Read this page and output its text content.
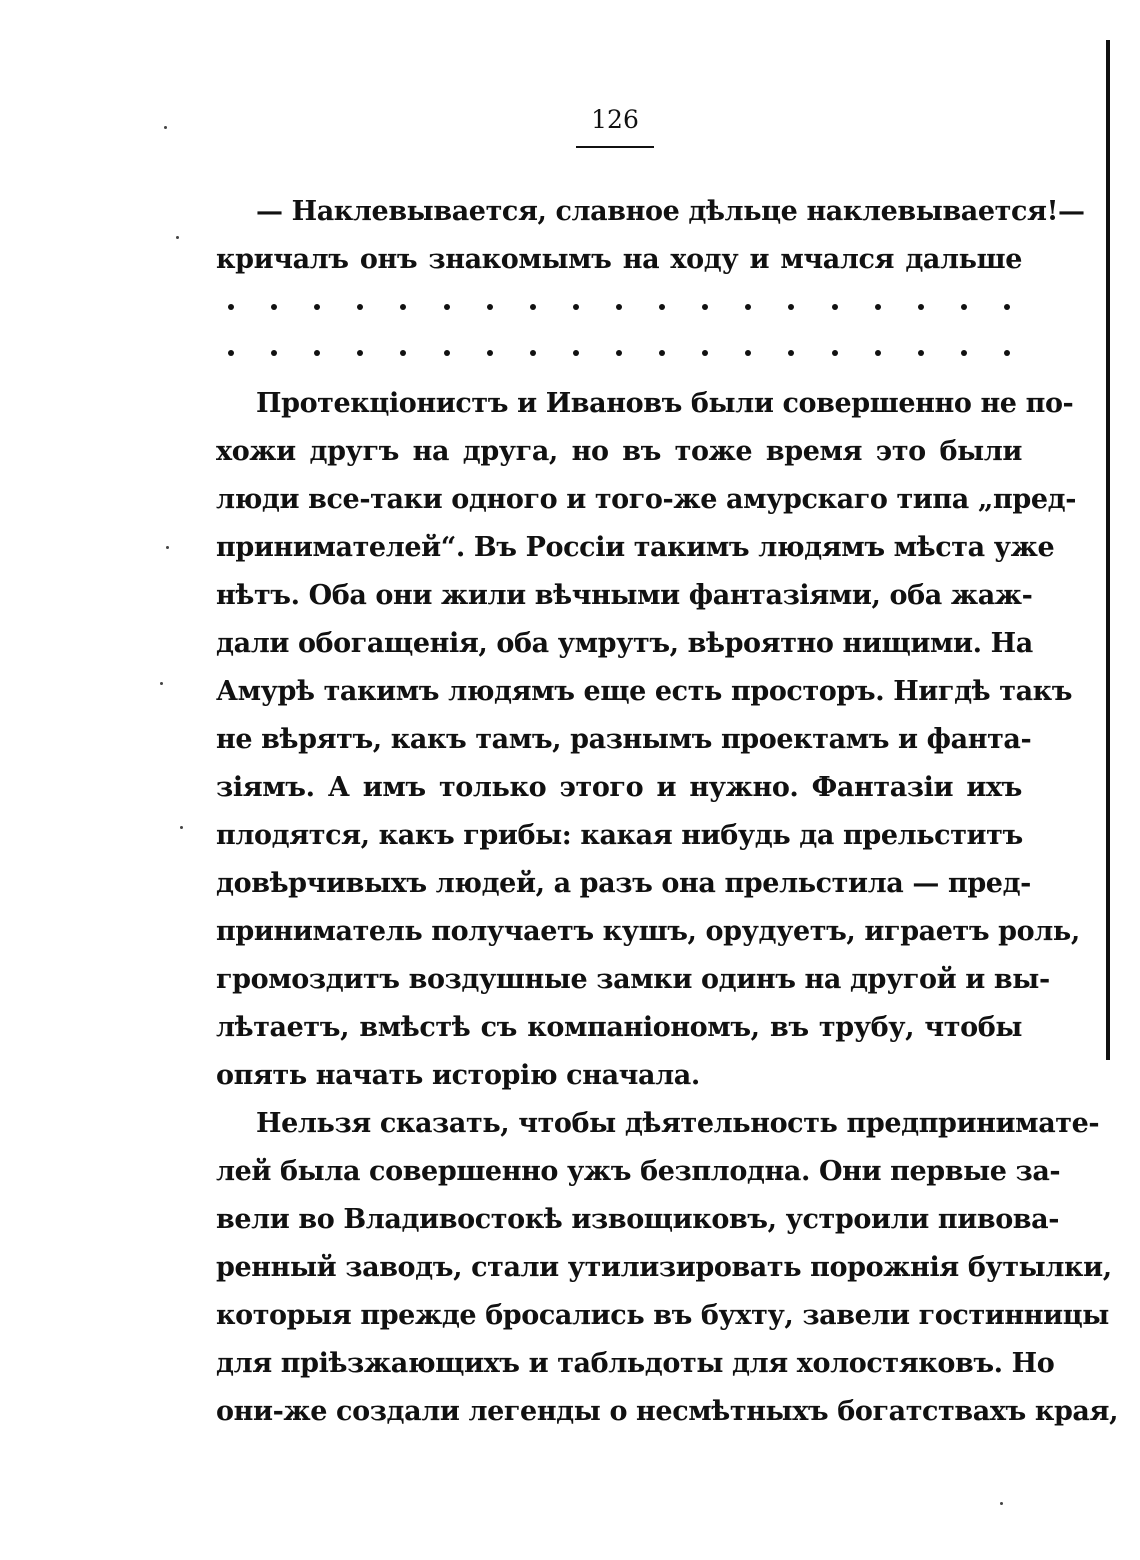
126
— Наклевывается, славное дѣльце наклевывается!—
кричалъ онъ знакомымъ на ходу и мчался дальше
Протекціонистъ и Ивановъ были совершенно не по-
хожи другъ на друга, но въ тоже время это были
люди все-таки одного и того-же амурскаго типа „пред-
принимателей“. Въ Россіи такимъ людямъ мѣста уже
нѣтъ. Оба они жили вѣчными фантазіями, оба жаж-
дали обогащенія, оба умрутъ, вѣроятно нищими. На
Амурѣ такимъ людямъ еще есть просторъ. Нигдѣ такъ
не вѣрятъ, какъ тамъ, разнымъ проектамъ и фанта-
зіямъ. А имъ только этого и нужно. Фантазіи ихъ
плодятся, какъ грибы: какая нибудь да прельститъ
довѣрчивыхъ людей, а разъ она прельстила — пред-
приниматель получаетъ кушъ, орудуетъ, играетъ роль,
громоздитъ воздушные замки одинъ на другой и вы-
лѣтаетъ, вмѣстѣ съ компаніономъ, въ трубу, чтобы
опять начать исторію сначала.
Нельзя сказать, чтобы дѣятельность предпринимате-
лей была совершенно ужъ безплодна. Они первые за-
вели во Владивостокѣ извощиковъ, устроили пивова-
ренный заводъ, стали утилизировать порожнія бутылки,
которыя прежде бросались въ бухту, завели гостинницы
для пріѣзжающихъ и табльдоты для холостяковъ. Но
они-же создали легенды о несмѣтныхъ богатствахъ края,
